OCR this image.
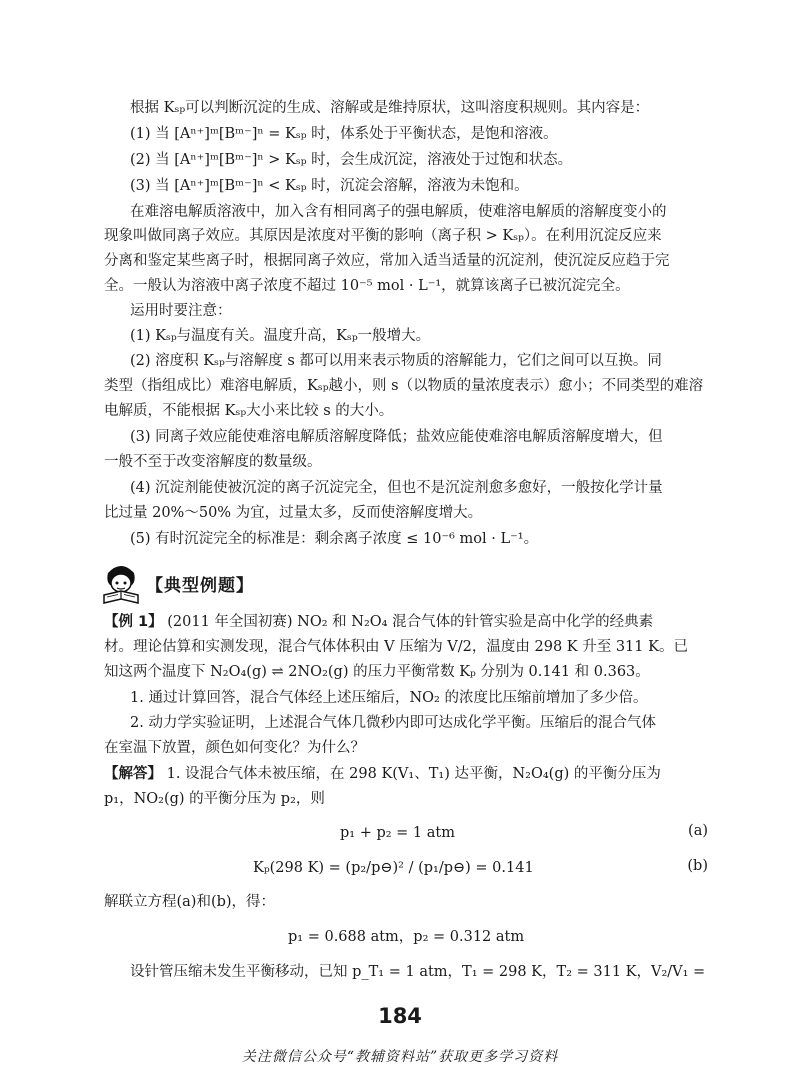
根据 Kₛₚ可以判断沉淀的生成、溶解或是维持原状，这叫溶度积规则。其内容是：
(1) 当 [Aⁿ⁺]ᵐ[Bᵐ⁻]ⁿ = Kₛₚ 时，体系处于平衡状态，是饱和溶液。
(2) 当 [Aⁿ⁺]ᵐ[Bᵐ⁻]ⁿ > Kₛₚ 时，会生成沉淀，溶液处于过饱和状态。
(3) 当 [Aⁿ⁺]ᵐ[Bᵐ⁻]ⁿ < Kₛₚ 时，沉淀会溶解，溶液为未饱和。
在难溶电解质溶液中，加入含有相同离子的强电解质，使难溶电解质的溶解度变小的
现象叫做同离子效应。其原因是浓度对平衡的影响（离子积 > Kₛₚ）。在利用沉淀反应来
分离和鉴定某些离子时，根据同离子效应，常加入适当适量的沉淀剂，使沉淀反应趋于完
全。一般认为溶液中离子浓度不超过 10⁻⁵ mol · L⁻¹，就算该离子已被沉淀完全。
运用时要注意：
(1) Kₛₚ与温度有关。温度升高，Kₛₚ一般增大。
(2) 溶度积 Kₛₚ与溶解度 s 都可以用来表示物质的溶解能力，它们之间可以互换。同
类型（指组成比）难溶电解质，Kₛₚ越小，则 s（以物质的量浓度表示）愈小；不同类型的难溶
电解质，不能根据 Kₛₚ大小来比较 s 的大小。
(3) 同离子效应能使难溶电解质溶解度降低；盐效应能使难溶电解质溶解度增大，但
一般不至于改变溶解度的数量级。
(4) 沉淀剂能使被沉淀的离子沉淀完全，但也不是沉淀剂愈多愈好，一般按化学计量
比过量 20%～50% 为宜，过量太多，反而使溶解度增大。
(5) 有时沉淀完全的标准是：剩余离子浓度 ≤ 10⁻⁶ mol · L⁻¹。
【典型例题】
【例 1】 (2011 年全国初赛) NO₂ 和 N₂O₄ 混合气体的针管实验是高中化学的经典素
材。理论估算和实测发现，混合气体体积由 V 压缩为 V/2，温度由 298 K 升至 311 K。已
知这两个温度下 N₂O₄(g) ⇌ 2NO₂(g) 的压力平衡常数 Kₚ 分别为 0.141 和 0.363。
1. 通过计算回答，混合气体经上述压缩后，NO₂ 的浓度比压缩前增加了多少倍。
2. 动力学实验证明，上述混合气体几微秒内即可达成化学平衡。压缩后的混合气体
在室温下放置，颜色如何变化？为什么？
【解答】 1. 设混合气体未被压缩，在 298 K(V₁、T₁) 达平衡，N₂O₄(g) 的平衡分压为
p₁，NO₂(g) 的平衡分压为 p₂，则
p₁ + p₂ = 1 atm	(a)
Kₚ(298 K) = (p₂/p⊖)² / (p₁/p⊖) = 0.141	(b)
解联立方程(a)和(b)，得：
p₁ = 0.688 atm，p₂ = 0.312 atm
设针管压缩未发生平衡移动，已知 p_T₁ = 1 atm，T₁ = 298 K，T₂ = 311 K，V₂/V₁ =
184
关注微信公众号“教辅资料站”获取更多学习资料
